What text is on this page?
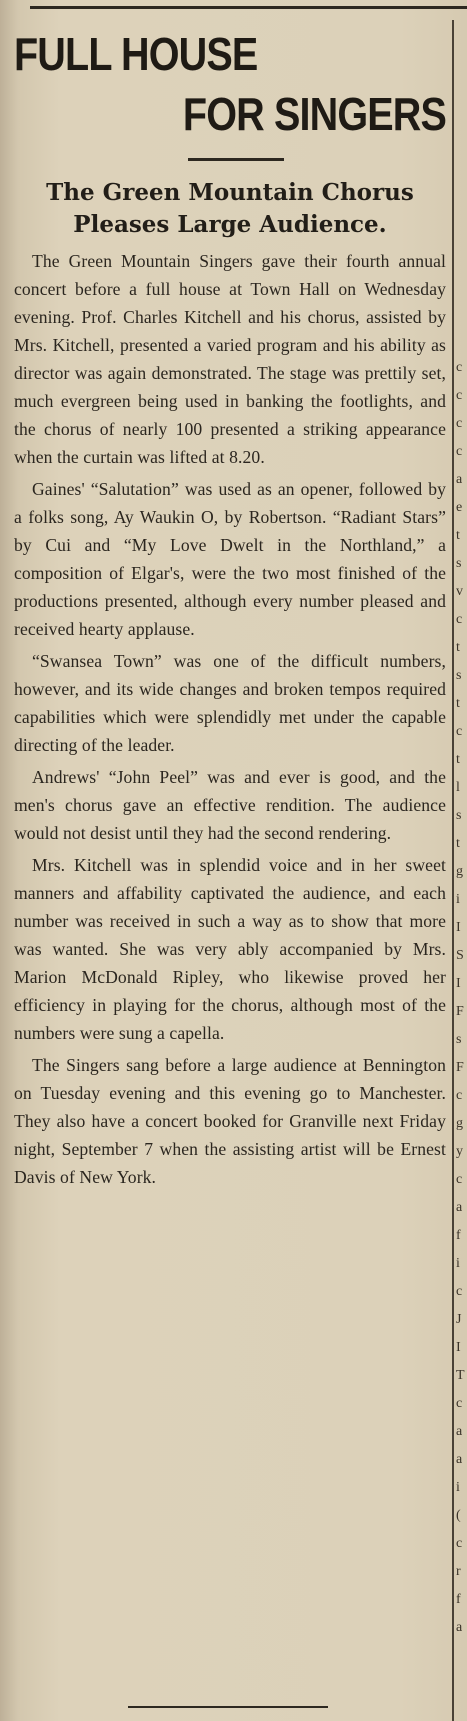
c
c
c
c
a
e
t
s
v
c
t
s
t
c
t
l
s
t
g
i
I
S
I
F
s
F
c
g
y
c
a
f
i
c
J
I
T
c
a
a
i
(
c
r
f
a
FULL HOUSE
FOR SINGERS
The Green Mountain Chorus Pleases Large Audience.

The Green Mountain Singers gave their fourth annual concert before a full house at Town Hall on Wednesday evening. Prof. Charles Kitchell and his chorus, assisted by Mrs. Kitchell, presented a varied program and his ability as director was again demonstrated. The stage was prettily set, much evergreen being used in banking the footlights, and the chorus of nearly 100 presented a striking appearance when the curtain was lifted at 8.20.

Gaines' “Salutation” was used as an opener, followed by a folks song, Ay Waukin O, by Robertson. “Radiant Stars” by Cui and “My Love Dwelt in the Northland,” a composition of Elgar's, were the two most finished of the productions presented, although every number pleased and received hearty applause.

“Swansea Town” was one of the difficult numbers, however, and its wide changes and broken tempos required capabilities which were splendidly met under the capable directing of the leader.

Andrews' “John Peel” was and ever is good, and the men's chorus gave an effective rendition. The audience would not desist until they had the second rendering.

Mrs. Kitchell was in splendid voice and in her sweet manners and affability captivated the audience, and each number was received in such a way as to show that more was wanted. She was very ably accompanied by Mrs. Marion McDonald Ripley, who likewise proved her efficiency in playing for the chorus, although most of the numbers were sung a capella.

The Singers sang before a large audience at Bennington on Tuesday evening and this evening go to Manchester. They also have a concert booked for Granville next Friday night, September 7 when the assisting artist will be Ernest Davis of New York.
